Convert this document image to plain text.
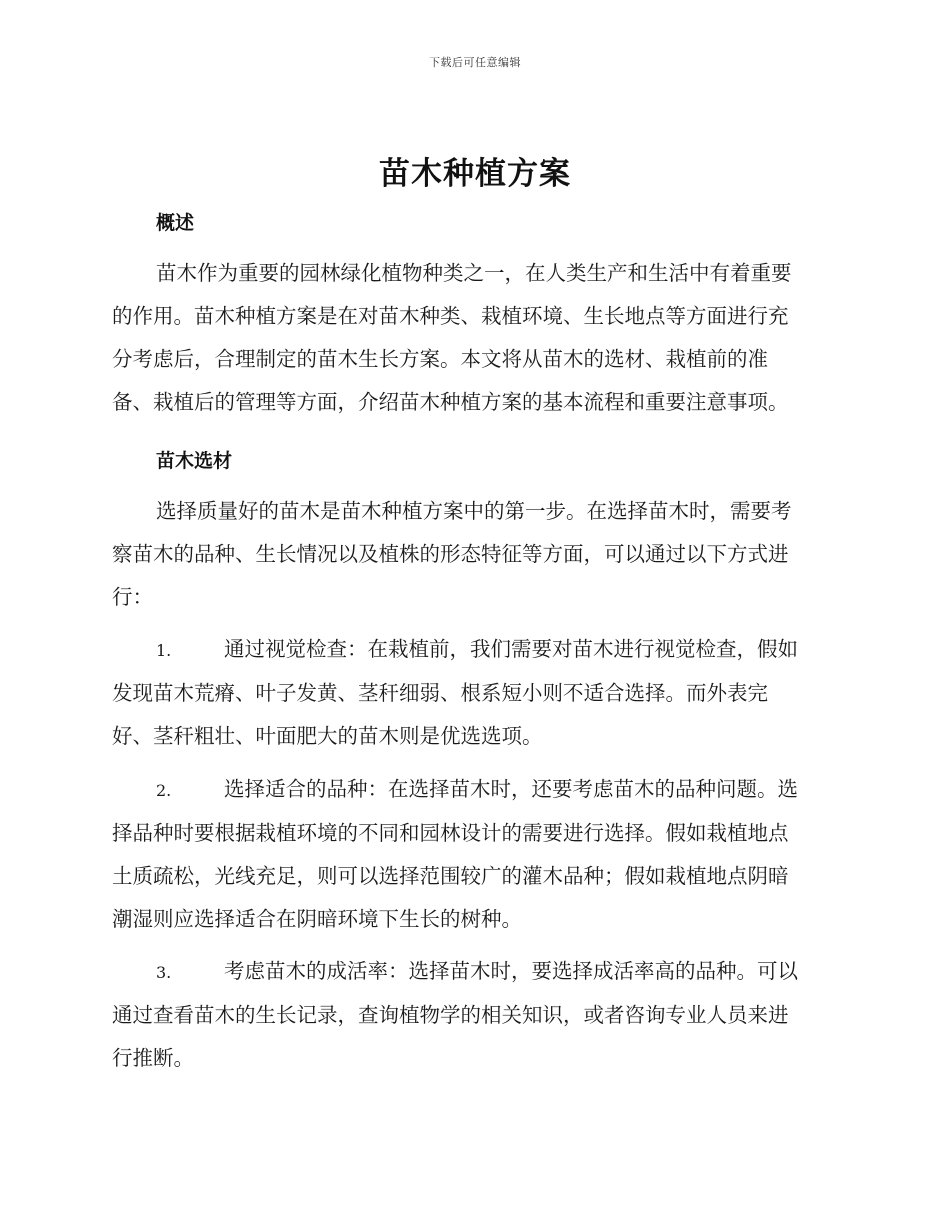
下载后可任意编辑
苗木种植方案
概述
苗木作为重要的园林绿化植物种类之一，在人类生产和生活中有着重要
的作用。苗木种植方案是在对苗木种类、栽植环境、生长地点等方面进行充
分考虑后，合理制定的苗木生长方案。本文将从苗木的选材、栽植前的准
备、栽植后的管理等方面，介绍苗木种植方案的基本流程和重要注意事项。
苗木选材
选择质量好的苗木是苗木种植方案中的第一步。在选择苗木时，需要考
察苗木的品种、生长情况以及植株的形态特征等方面，可以通过以下方式进
行：
1.	通过视觉检查：在栽植前，我们需要对苗木进行视觉检查，假如
发现苗木荒瘠、叶子发黄、茎秆细弱、根系短小则不适合选择。而外表完
好、茎秆粗壮、叶面肥大的苗木则是优选选项。
2.	选择适合的品种：在选择苗木时，还要考虑苗木的品种问题。选
择品种时要根据栽植环境的不同和园林设计的需要进行选择。假如栽植地点
土质疏松，光线充足，则可以选择范围较广的灌木品种；假如栽植地点阴暗
潮湿则应选择适合在阴暗环境下生长的树种。
3.	考虑苗木的成活率：选择苗木时，要选择成活率高的品种。可以
通过查看苗木的生长记录，查询植物学的相关知识，或者咨询专业人员来进
行推断。
